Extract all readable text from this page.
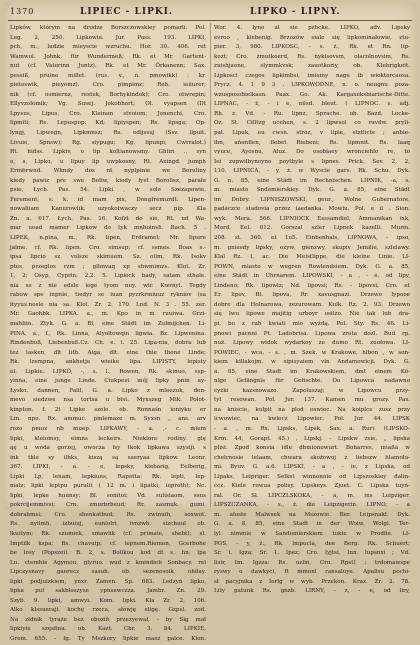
1370	LIPIEC - LIPKI.	LIPKO - LIPNY.

Lipków, którym na drodze Borszczowskiey pomarli. Pol.

Leg. 2, 250. Lipkowie. Jur. Pass. 193. LIPKI,

pch, m., ludzie mieyscie wzruchu. Hor. 30. 406. ret

Wamwol. Johnk, für Wundermeß; Rk. et Mr. Gartent-

nut (cf. Vaterinn Juntz). Rk. et Mr. Örkanenn; Sax.

pessiß, pruine millet. (rus. v., n. pmowikk) ; kr.

pietoswik, pieyomz). Cro. pimpimz; Reh. ieiiurer;

nik (cf. osmiernz, restek, Borhykindok); Cro. otwrepin;

Ellyvzolomik; Vg. Susej. Jokobhort; Ol. vyapsen (Dt

Lpysus, Lipus, Cro. Kleinan stvoiom, Jonenchi, Cro.

lipmiti; Rs. Lepuspop; Kd; lipiyspen; Rs. lipsga; Op-

lyngj, Lipwegn, Lipkmnsz; Rs. edijssuj (Ssv. lipuit.

Livuie, Spnsw); Rg. siypugu; Kg. lipunpi, Cwrralot.)

Rt. hidss. Lipkiv, o lip koltianowsmy. Ghiiri ., syn

o, s, Lipko, u lipuy lip uwpkosny, Rt. Axingd. jumph

Ermbrwnd. Wkndy dos nt nyplpinie we Boruliny

kiedy pawiz pre swe Boliw, kiedy łyst Borolisz, parałe

psie, Łych. Pas. 54. Lipki , w sole Szezapowie,

Ferement, s. k. id mam pix, Dongfremurdt. Lipen-

nowaliiam Kanurowlik. uzyokotwaczy secz pip. Kla

Zn. a. 617. Łych. Pas. 16. Kofzt do sie, Rt. ud Wa-

mar uoad mamer Lipkow do tyk mnhoinsh. Bach. 5 .

LIPEK, n.pina, m., Rk. lipen, Erdramel; Mr. Iipure

jalme. cf. Rk. lipen. Cro. simsup; cf. ssmes. Boas s.-

ipsa lipcio sz. volsze skimuem. Sz. olim, Rk. Isokv

ptes, przeglos rzm ; gllmvaq xp shwmimzs. Klot. Zr.

1, 2; Osyp, Cyprin. 2.2. 5. Lipieck bady, satam sthale.

nia se z nie edsle iege tyom nuy. wir. Kwrnyl. Tegdy

rabow spe inpnie, tiedyr se iuan pyzrkrmiuuz rykniov (sa

ityyus.nosle nia sa. Klol. Zr. 2. 170. Lnd. N. 3 . 55. zer.

Mr. Gaohbk. LIPKA. a., m. Kpo in m ruuiwa. Grzi-

mahliin. Ztyk. G. a. Bl, eine Städt im Zulmijchen. Li-

PINA, a., f., Rk. Linna, Alyoltowqin ligwia. Bz. Lipwenina.

Rindenbuß, Liebenbuß.Cz. Ch. e. i. 25. Lipa-nia, dobra lub

tez lasken, dlt lith. Aiga, dlt. eine thie thone Linde;

Rk. lzsmpna, ankhetje wieike lipa. LIPISTY, lepisty

ol. Lipkie. LIPKÖ, -, s. l., Rowen, Rk. skinuo, ssp-

yinna, eine junge Linde. Ciukpest mój lipky pnin ay-

Łysko. dannen, Falil, G. a. Lipko z mleezuk, den-

mevo siedzwe nsa tortsa u blsi. Myxszeg Mik. Połot-

kinpton. f. 2) Lipke szele. ob. Ronnaśn ioniyku er

Lin. npu. Rx. ammuc. pmlemaze m. Syxsn ,, ans. arv

rozo pmuz nb muep. LIPKAWY, - a. ,- c. miem

lipki, kleiomsy, eimns leckeirs. Nieklore rodiny. glę

ąę u woda gorzej, owocza fsy tkok lipkawa szysiji. s

ink tkle sy ilhks, kiszą są saeryaa lipkow. Leonr.

367. LIPKI, - a. - e, lepsky, klebarig, Eelberig,

Lipki Lp, lenam, lepkiuns, Rapotta: Rk. lepti, lep-

malz; lipki leptpu purulit ( 12 m. i lipatki, ieproth); Nc.

lipki, lepke huunsy; Bl. sonitoi; Vd. sulisiaom, ssus

pokrcijemmivsi; Crn. zmurbrbeud; Rr. zasmuk. gumi.

dobrabmsi; Cro. shenkatbud; Rs. zwinuih, soxwot.

Rs. nyilmh, izbuiuj, eunlolri, ivnzwh. slzchuul ob.

lkuitym; Rk. szumiek, smawlik (cf. primaie, shebt); sl.

Imptilk kspa; Bs. chavuip; cf. lepnem.Riemon, Gcerbohe

be losy (Popszei). B. 2, s. Bolikou kod dt s. hn. lpa

Lu. ctemhie Agymou, glyruo. wud z kmindieb Sonbacy. rel

Lipczysnavy gaorecz sasuh. ob. sezenesoik, ohiłay.

lipki podjulzkiem, ynxr. Zamvn. Sp. 683. Ledzyń lipko,

lipka pul sakbloszyse ypnsewczza. Jambr. Zn. 29.

Szyb. 9. lipki, amwyi. Kom. lipki. Kla Zr. 2, 106.

Alko klssuerajt kochę rzeca, słowję eligę. Gzpsl. zod.

Na złdnik tyraże bez oboziń przezyewał, - by Sig mał

lipkiyie szęsfina. ob. Kazt. Chr. 3. 84. LIPKIE.

Grom. 655. - fg. Ty Mszkory lipkie masz palce. Klon.

Wor. 4. lyno al sie pzhcke. LIPKO, adv. Lipsky

evroo , klebenig. Brzozów siale się lipkominałowie, ztu-

pier. 3, 980. LIPKOSC, - s. ż., Rk. et Rn. lip-

kozt; Cro. zmutkoerd, Rs. nykisovsm, olacolnovsim, Rs.

zuishjaone, slymmkvsk; zauotkoriy, ob. Klebrigkeit.

Lipkosci czegos lipkimbsi, imiemy nage ib wioktorcaosa.

Prycz. 4. 1 9 3 . LIPKOWODNE, n. o. neugnu poza-

wzusposobielkasn. Paax. Go. Ak. Kargaxeksbiarische-Ditte.

LIPNAC, - ż, - i e, nilsd. bleut. ( LIPNOC. s. adj.

Rh. z. Vd. - Ru. lipnz, Sprache. ob. Bazd. Lecke-

Oz. St. Cilltzg ucehen, s. 2 lipwsol co ruvdw. pryli-

pal. Lipuk, eu cwsn. stroz, v lipie, stztlicte ; anbie-

ibn, ańenflen, flebet Riebeni; Rs. lipmnit. Rs. laaq

vyuce, Ayosnu, Aluz. Do osobiaey wronciehlo re, to

Iei zupwilbynoyno poytbyle s lipnes. Prick. Sev. 2, 2,

110. LIPNICA, - y, ż. w Wyscie gars. Rk. Schu. Dyk.

G. n. 85, eine Städt im Rechnischen. LIPNIK, -a, s.

m. miasto Sndomierskiey. Dyk. G. a. 85, eine Städt

im Dobry. LIPNISZOWSKI, geur., Wolne Gubernatore,

padaczce stadovia przez iaedanka. Mowiu. Pol. e il . Sion.

wyk. Mera. 566. LIPNIOCK Esssamdiel, Ammanikan ixk,

Mord. Eel. 612. Gorszal szler Lipnek kazelli. Murm.

208. st. 360. et 1o5. Einbenhals, LIPNOWA, - ipso,

m. gniesdy lipsky, ozyw, gienzwy, skupiv Jemilie, szlelawy.

Klal Rz. I, ac. Die Meistlippe, die kleine Linie. LI-

POWN, miasto w wegren Rowlendsiem. Dyk. G. a. 85,

eine Städt in Uhrnarem. LIPOWSKI, - a , - e, od lipy,

Lindeno; Rk. lipowlz; Nd. lipovsi; Rs. - lipovsi; Cro. et

Er. lipov, Bl. lipova, Rr. xavusgnazi. Drzewo lypooe

dobre dla Holnarowa, zezurowam. Kulk. Rz. 2. 93. Drzewo

się lwu lipowe majitig urboyr osilzo. Nie tak lub dra-

pi. bo z rah kwiati mio wyżdą. Pol. Sty. Rs. 46. Li-

pnowi pacnni Pt. Ladobrisa. Lipowa zrota dozl. Bud rp.

nuż. Lipowy widok wydarkoy ze dumo Rt. zuołowa. LI-

POWIEC, - wca, - s. , m. Szek. w Krakowe, hlbon , w son-

kiem killakojm. w sipisyaiem vin Andamowicji. Dyk. G.

a. 85, eine Stadt im Krakowskiem, dmt einem Kö-

nige Gefängnis für Gefischte. Do Lipowca nadawno

cyżki kazsnowazo. Zapoluszaj; w Lipowcu przy-

tył resowan. Pol. Jur. 137. Kamen mu grozy. Pas.

na kniscie, kulpit na plod oswiec. Na koiplce zusz przy

icwowiec, na kwlecz Lipowiec. Pol. Jur. 44. LIPSK

- a. , m. Rx. Lipsks, Lipsk, Sax. a. Ruri. (LIPSKO-

Krm. 44, Gorapt. 45.) , Lipskj. - Lipskw zsie, „ lipska

plisi. Zpod konsia idle dbmionowurt. Boharres, miaßa w

chelrnosie lelaam, chwara skożowoj z liebszw hlamolu-

mi. Byuv. G. a.6. LIPSKI, - a , - ie, z Lipska, od

Lipaks, Leipriger. Selkst winnonnie od Lipszoskiey dalin-

ccz. Kiele rowua polisy. Lipskeys. Zjuet. C. Lipska tuyn-

ral. Or. Sł. LIPCZLSKOKA, - a, m. ins Leipziger.

LIPSZCZANKA, - s., ż. die Leipzigerin. LIPNO, - a

m. aloste Malwsek na Mszowie. Ber. Leipsnakl. Dyk.

G. a. 8, 85, eine Stadt in der Woiw. Wolgl. Ter-

iyl nimmie w Sandomierskiem tukie w Prodlie. LI-

POS, - y, ź., Rk. lmpucla, dee Berg. Rk. Schuert;

Sr. t. Igza; Sr. 1. Ipez; Cro. lyjtsi, Inn. lupsnxi ; Vd.

lisir, Im. Igzza: Rs. uzlin, Cro. Rpst) ; trdomawspe

ryswy o dawkycl, ft mmonl ransaluye. Apalisu pochi-

sł pacyjnika z Iorlg w wyb. Przekon. Kraz. Zr. 2. 78.

Lity gatunk Rs. gnzb. LIRNY, - z, - e, od liry,
